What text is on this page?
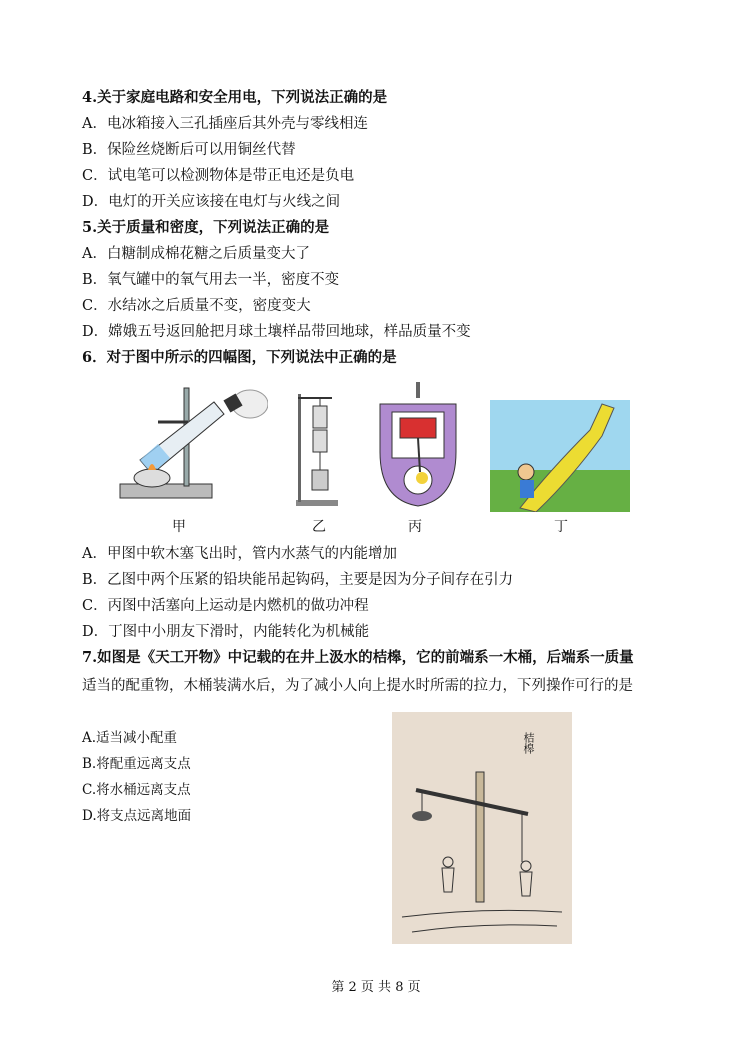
4.关于家庭电路和安全用电，下列说法正确的是
A．电冰箱接入三孔插座后其外壳与零线相连
B．保险丝烧断后可以用铜丝代替
C．试电笔可以检测物体是带正电还是负电
D．电灯的开关应该接在电灯与火线之间
5.关于质量和密度，下列说法正确的是
A．白糖制成棉花糖之后质量变大了
B．氧气罐中的氧气用去一半，密度不变
C．水结冰之后质量不变，密度变大
D．嫦娥五号返回舱把月球土壤样品带回地球，样品质量不变
6．对于图中所示的四幅图，下列说法中正确的是
甲	乙	丙	丁
A．甲图中软木塞飞出时，管内水蒸气的内能增加
B．乙图中两个压紧的铅块能吊起钩码，主要是因为分子间存在引力
C．丙图中活塞向上运动是内燃机的做功冲程
D．丁图中小朋友下滑时，内能转化为机械能
7.如图是《天工开物》中记载的在井上汲水的桔槔，它的前端系一木桶，后端系一质量
适当的配重物，木桶装满水后，为了减小人向上提水时所需的拉力，下列操作可行的是
A.适当减小配重
B.将配重远离支点
C.将水桶远离支点
D.将支点远离地面
桔槔
第 2 页 共 8 页
